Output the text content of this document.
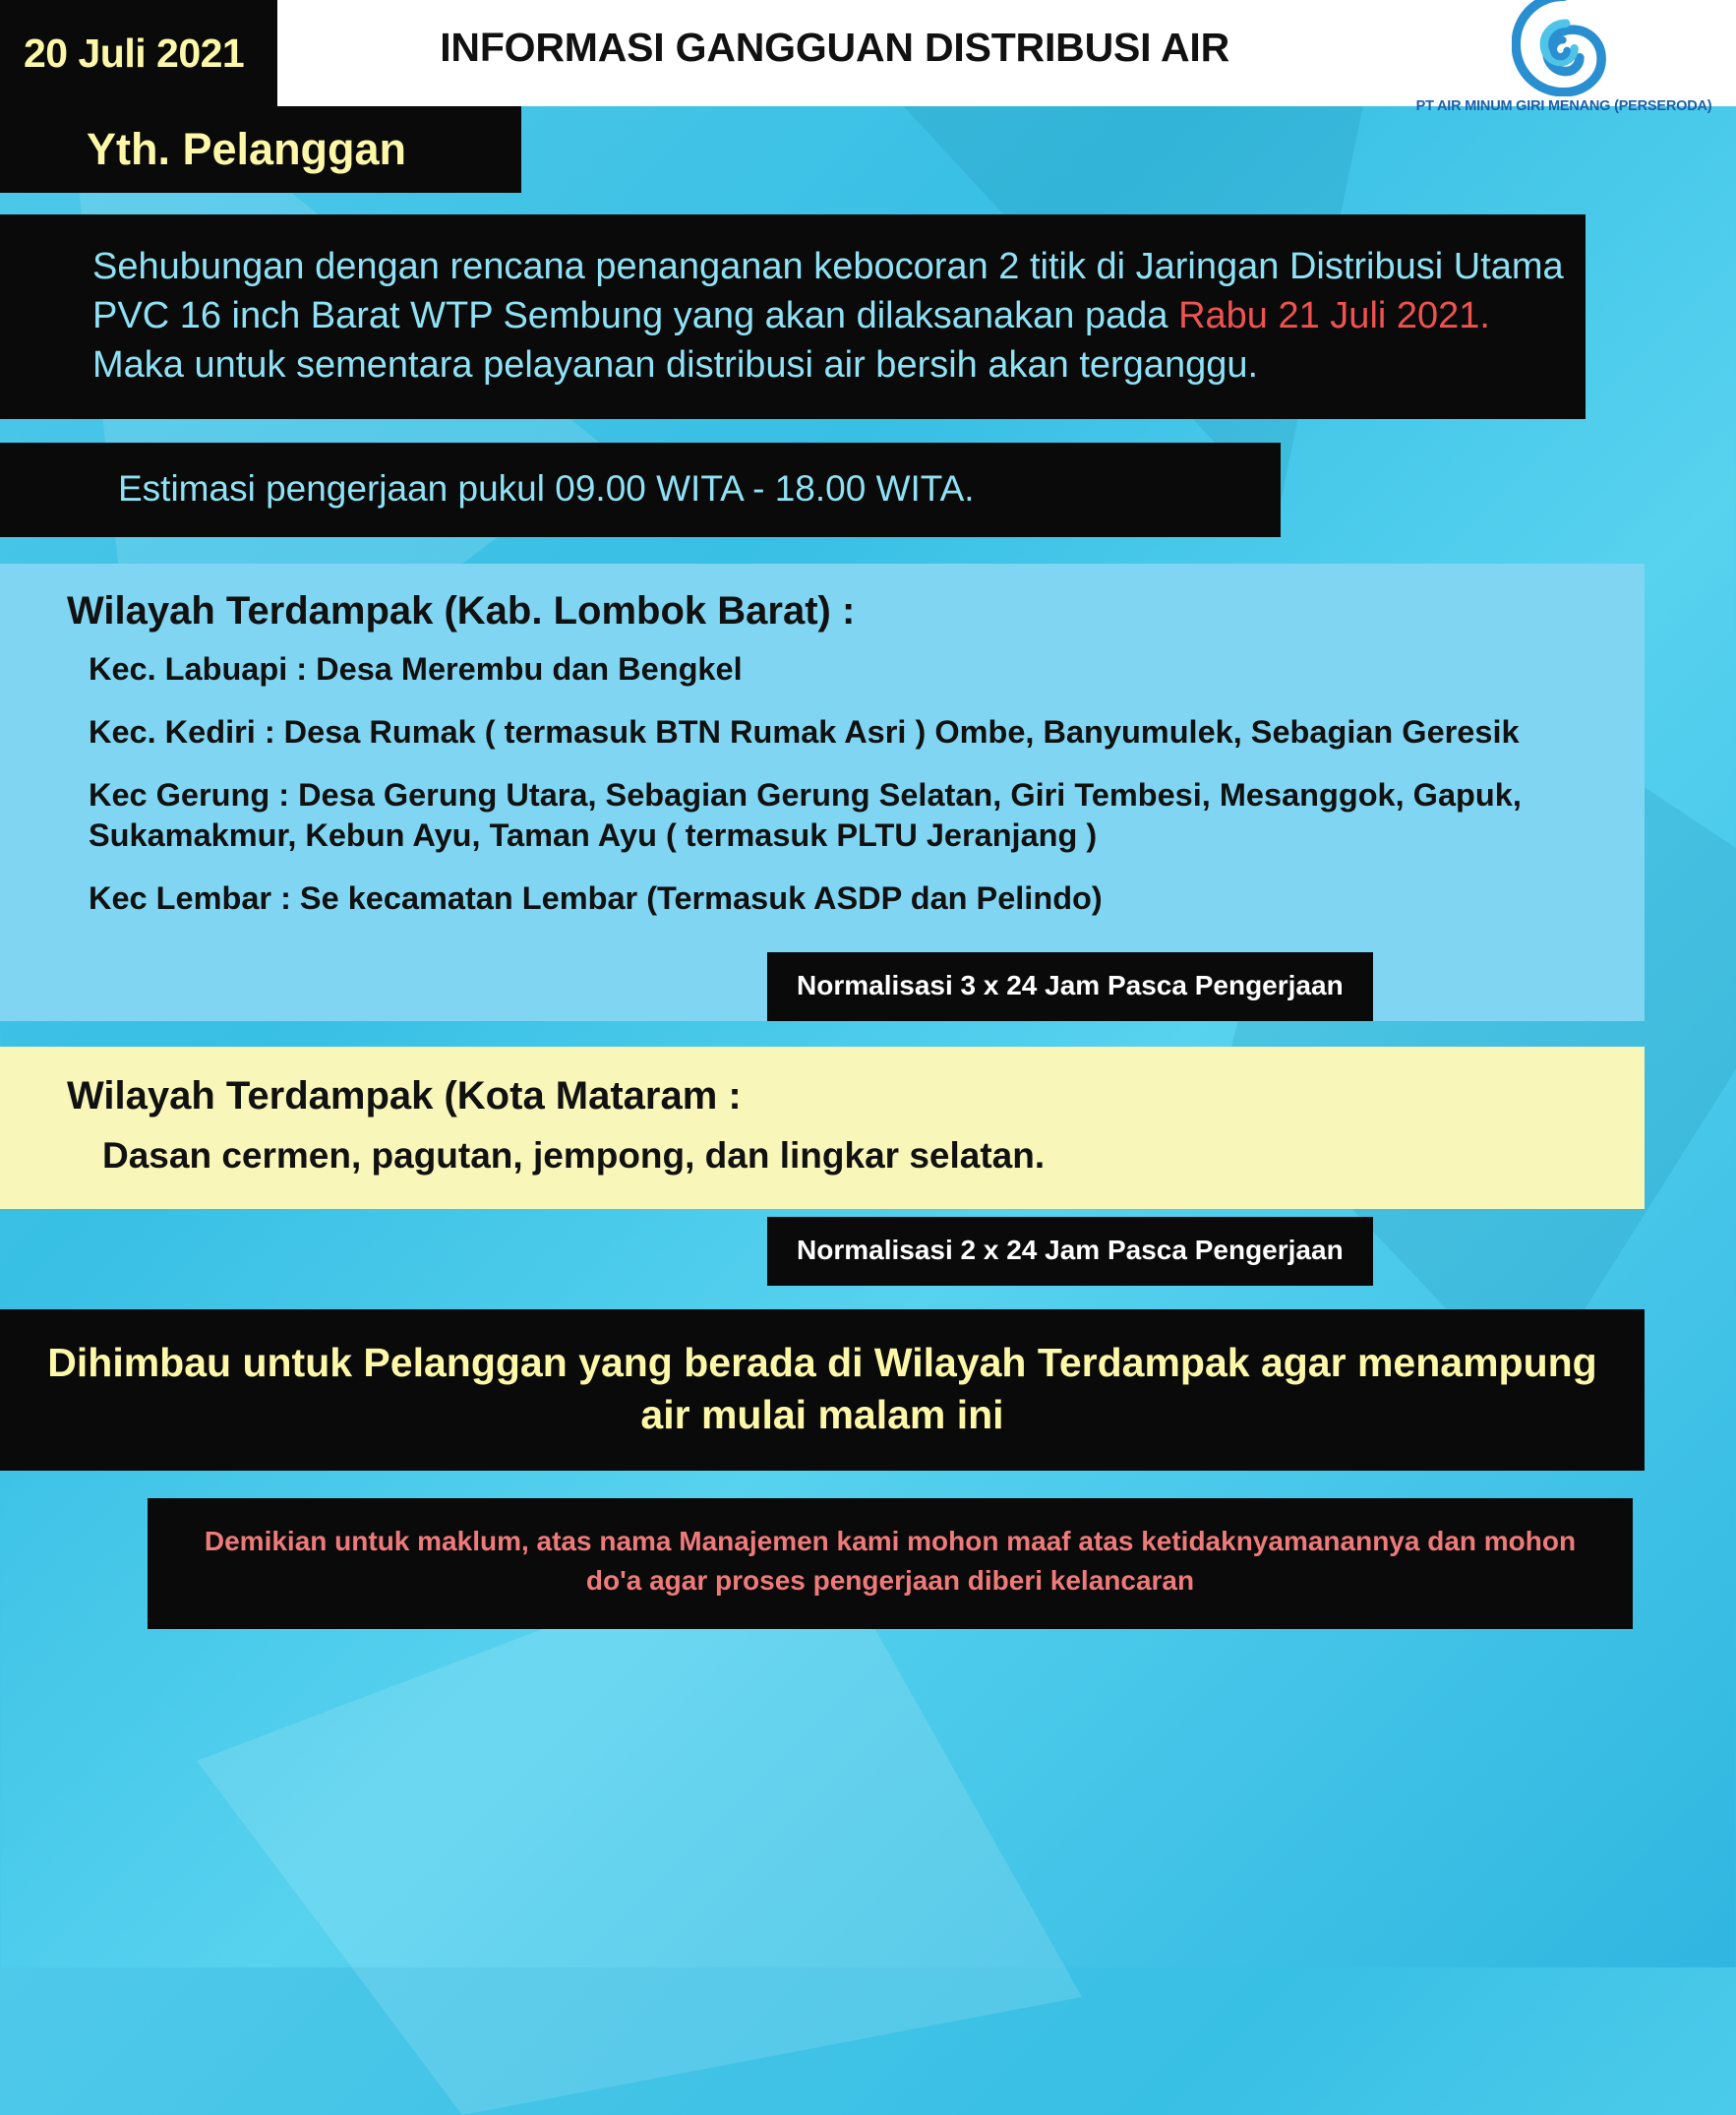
20 Juli 2021	INFORMASI GANGGUAN DISTRIBUSI AIR
PT AIR MINUM GIRI MENANG (PERSERODA)
Yth. Pelanggan

Sehubungan dengan rencana penanganan kebocoran 2 titik di Jaringan Distribusi Utama PVC 16 inch Barat WTP Sembung yang akan dilaksanakan pada Rabu 21 Juli 2021. Maka untuk sementara pelayanan distribusi air bersih akan terganggu.

Estimasi pengerjaan pukul 09.00 WITA - 18.00 WITA.
Wilayah Terdampak (Kab. Lombok Barat) :
Kec. Labuapi : Desa Merembu dan Bengkel
Kec. Kediri : Desa Rumak ( termasuk BTN Rumak Asri ) Ombe, Banyumulek, Sebagian Geresik
Kec Gerung : Desa Gerung Utara, Sebagian Gerung Selatan, Giri Tembesi, Mesanggok, Gapuk, Sukamakmur, Kebun Ayu, Taman Ayu ( termasuk PLTU Jeranjang )
Kec Lembar : Se kecamatan Lembar (Termasuk ASDP dan Pelindo)
Normalisasi 3 x 24 Jam Pasca Pengerjaan
Wilayah Terdampak (Kota Mataram :
Dasan cermen, pagutan, jempong, dan lingkar selatan.
Normalisasi 2 x 24 Jam Pasca Pengerjaan
Dihimbau untuk Pelanggan yang berada di Wilayah Terdampak agar menampung air mulai malam ini
Demikian untuk maklum, atas nama Manajemen kami mohon maaf atas ketidaknyamanannya dan mohon do'a agar proses pengerjaan diberi kelancaran
